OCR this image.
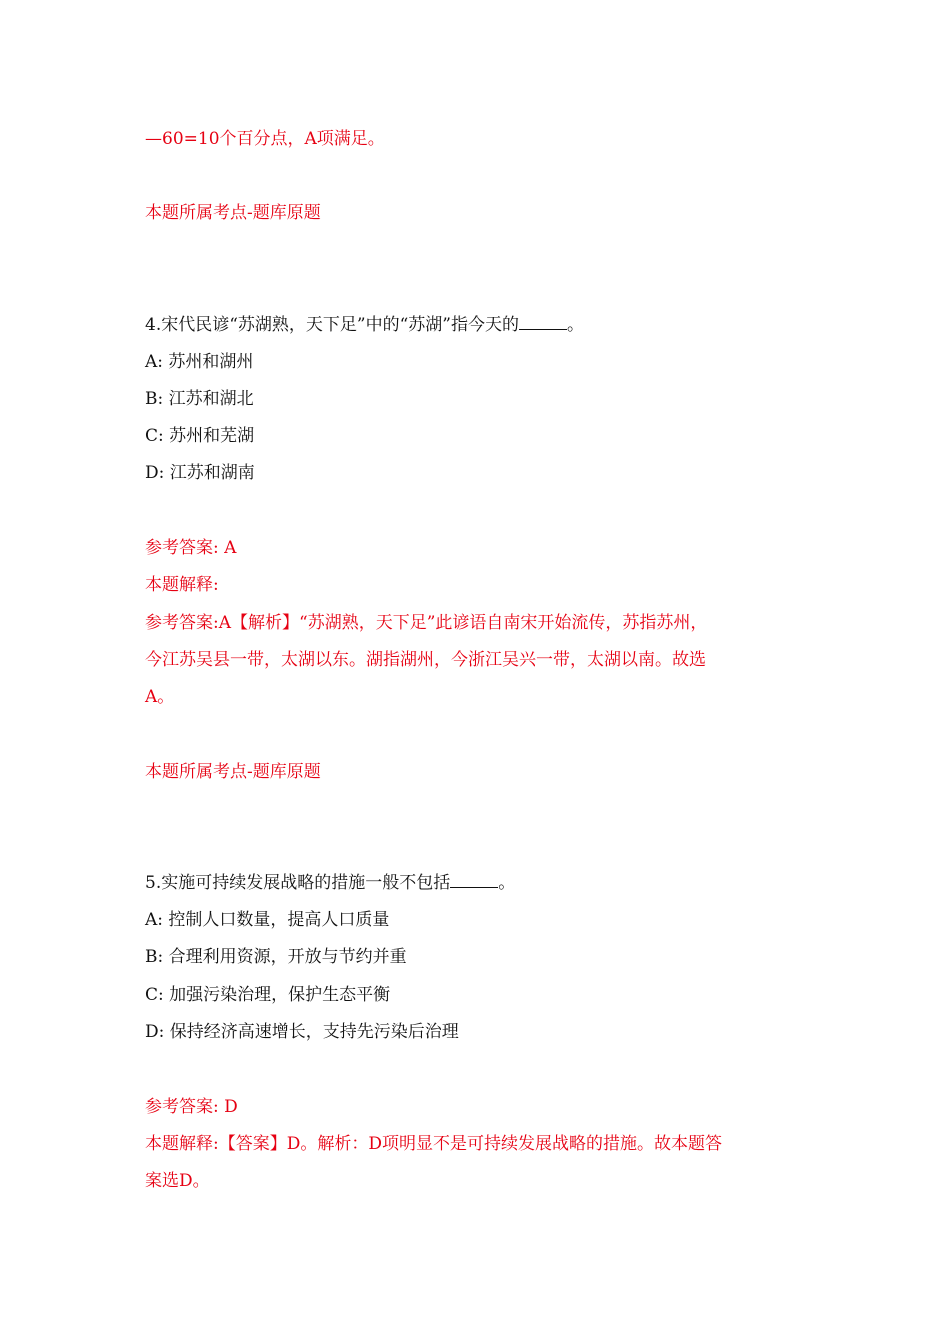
—60=10个百分点，A项满足。
本题所属考点-题库原题
4.宋代民谚“苏湖熟，天下足”中的“苏湖”指今天的	。
A: 苏州和湖州
B: 江苏和湖北
C: 苏州和芜湖
D: 江苏和湖南
参考答案: A
本题解释:
参考答案:A【解析】“苏湖熟，天下足”此谚语自南宋开始流传，苏指苏州，
今江苏吴县一带，太湖以东。湖指湖州，今浙江吴兴一带，太湖以南。故选
A。
本题所属考点-题库原题
5.实施可持续发展战略的措施一般不包括	。
A: 控制人口数量，提高人口质量
B: 合理利用资源，开放与节约并重
C: 加强污染治理，保护生态平衡
D: 保持经济高速增长，支持先污染后治理
参考答案: D
本题解释:【答案】D。解析：D项明显不是可持续发展战略的措施。故本题答
案选D。
